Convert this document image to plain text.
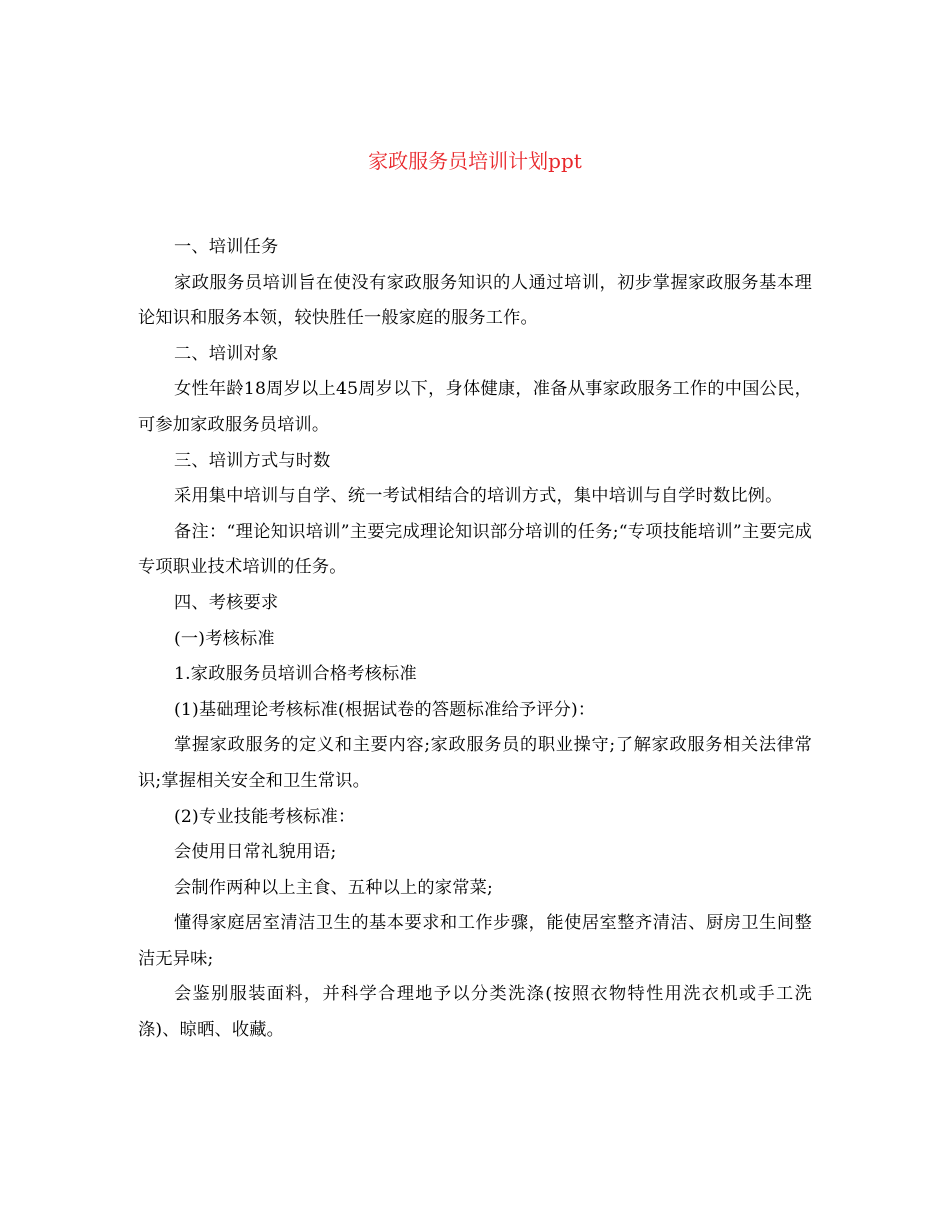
家政服务员培训计划ppt

一、培训任务

家政服务员培训旨在使没有家政服务知识的人通过培训，初步掌握家政服务基本理论知识和服务本领，较快胜任一般家庭的服务工作。

二、培训对象

女性年龄18周岁以上45周岁以下，身体健康，准备从事家政服务工作的中国公民，可参加家政服务员培训。

三、培训方式与时数

采用集中培训与自学、统一考试相结合的培训方式，集中培训与自学时数比例。

备注：“理论知识培训”主要完成理论知识部分培训的任务;“专项技能培训”主要完成专项职业技术培训的任务。

四、考核要求

(一)考核标准

1.家政服务员培训合格考核标准

(1)基础理论考核标准(根据试卷的答题标准给予评分)：

掌握家政服务的定义和主要内容;家政服务员的职业操守;了解家政服务相关法律常识;掌握相关安全和卫生常识。

(2)专业技能考核标准：

会使用日常礼貌用语;

会制作两种以上主食、五种以上的家常菜;

懂得家庭居室清洁卫生的基本要求和工作步骤，能使居室整齐清洁、厨房卫生间整洁无异味;

会鉴别服装面料，并科学合理地予以分类洗涤(按照衣物特性用洗衣机或手工洗涤)、晾晒、收藏。
